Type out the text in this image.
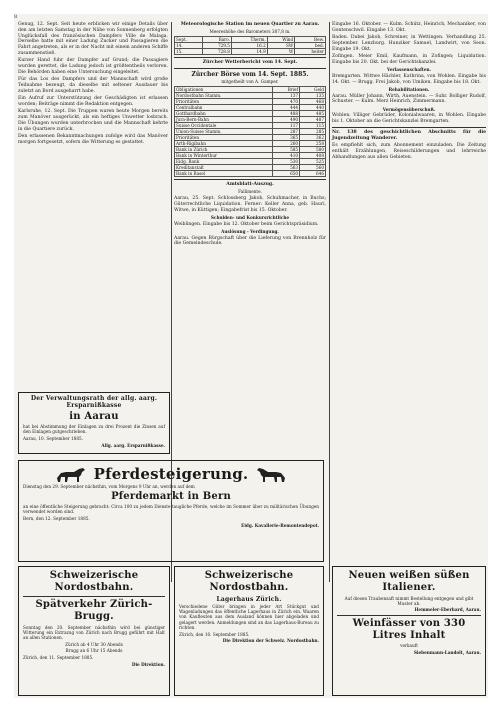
8

Genug, 12. Sept. Seit heute erblicken wir einige Details über den am letzten Samstag in der Nähe von Sonnenberg erfolgten Unglücksfall des französischen Dampfers Ville de Malaga. Derselbe hatte mit einer Ladung Zucker und Passagieren die Fahrt angetreten, als er in der Nacht mit einem anderen Schiffe zusammenstieß.

Kurzer Hand fuhr der Dampfer auf Grund; die Passagiere wurden gerettet, die Ladung jedoch ist größtentheils verloren. Die Behörden haben eine Untersuchung eingeleitet.

Für das Los des Dampfers und der Mannschaft wird große Teilnahme bezeugt, da dieselbe mit seltener Ausdauer bis zuletzt an Bord ausgeharrt habe.

Ein Aufruf zur Unterstützung der Geschädigten ist erlassen worden; Beiträge nimmt die Redaktion entgegen.

Karlsruhe, 12. Sept. Die Truppen waren heute Morgen bereits zum Manöver ausgerückt, als ein heftiges Unwetter losbrach. Die Übungen wurden unterbrochen und die Mannschaft kehrte in die Quartiere zurück.

Den erlassenen Bekanntmachungen zufolge wird das Manöver morgen fortgesetzt, sofern die Witterung es gestattet.

Meteorologische Station im neuen Quartier zu Aarau.

Meereshöhe des Barometers 387,8 m.

Sept.	Baro.	Therm.	Wind	Bew.
14.	729.5	16.2	SW	bed.
15.	728.8	14.9	W	heiter

Zürcher Wetterbericht vom 14. Sept.

Zürcher Börse vom 14. Sept. 1885.

mitgetheilt von A. Gamper.

Obligationen	Brief	Geld
Nordostbahn Stamm.	137	135
Prioritäten	470	468
Centralbahn	444	440
Gotthardbahn	488	485
Jura-Bern-Bahn	490	487
Suisse Occidentale	117	115
Union-Suisse Stamm.	287	285
Prioritäten	365	362
Arth-Rigibahn	260	258
Bank in Zürich	585	580
Bank in Winterthur	410	408
Eidg. Bank	530	525
Kreditanstalt	563	560
Bank in Basel	650	646

Amtsblatt-Auszug.

Fallimente.

Aarau, 25. Sept. Schlossberg Jakob, Schuhmacher, in Buchs; Güterrechtliche Liquidation. Ferner: Keller Anna, geb. Hauri, Witwe, in Küttigen; Eingabefrist bis 15. Oktober.

Schulden- und Konkursrichtliche

Weiblingen. Eingabe bis 12. Oktober beim Gerichtspräsidium.

Auslösung - Verdingung.

Aarau. Gegen Bürgschaft über die Lieferung von Brennholz für die Gemeindeschule.

Eingabe 16. Oktober. — Kulm. Schütz, Heinrich, Mechaniker, von Gontenschwil. Eingabe 13. Okt.

Baden. Dabei Jakob, Schreiner, in Wettingen. Verhandlung 25. September. Lenzburg. Hunziker Samuel, Landwirt, von Seon. Eingabe 19. Okt.

Zofingen. Meier Emil, Kaufmann, in Zofingen; Liquidation. Eingabe bis 20. Okt. bei der Gerichtskanzlei.

Verlassenschaften.

Bremgarten. Wittwe Hächler, Kathrina, von Wohlen. Eingabe bis 14. Okt. — Brugg. Frei Jakob, von Umiken. Eingabe bis 18. Okt.

Rehabilitationen.

Aarau. Müller Johann, Wirth, Auenstein. — Suhr. Bolliger Rudolf, Schuster. — Kulm. Merz Heinrich, Zimmermann.

Vermögensüberschuß.

Wohlen. Villiger Gebrüder, Kolonialwaaren, in Wohlen. Eingabe bis 1. Oktober an die Gerichtskanzlei Bremgarten.

Nr. 138 des geschichtlichen Abschnitts für die Jugendzeitung Wanderer.

Es empfiehlt sich, zum Abonnement einzuladen. Die Zeitung enthält Erzählungen, Reiseschilderungen und lehrreiche Abhandlungen aus allen Gebieten.

Der Verwaltungsrath der allg. aarg. Ersparnißkasse

in Aarau

hat bei Abstimmung der Einlagen zu drei Prozent die Zinsen auf den Einlagen gutgeschrieben.

Aarau, 10. September 1885.

Allg. aarg. Ersparnißkasse.

Pferdesteigerung.

Dienstag den 29. September nächsthin, vom Morgens 9 Uhr an, werden auf dem

Pferdemarkt in Bern

an eine öffentliche Steigerung gebracht: Circa 100 zu jedem Dienste taugliche Pferde, welche im Sommer über zu militärischen Übungen verwendet worden sind.

Bern, den 12. September 1885.

Eidg. Kavallerie-Remontendepot.

Schweizerische Nordostbahn.

Spätverkehr Zürich-Brugg.

Sonntag den 20. September nächsthin wird bei günstiger Witterung ein Extrazug von Zürich nach Brugg geführt mit Halt an allen Stationen.

Zürich ab 4 Uhr 30 Abends

Brugg an 6 Uhr 15 Abends

Zürich, den 11. September 1885.

Die Direktion.

Schweizerische Nordostbahn.

Lagerhaus Zürich.

Verschiedene Güter bringen in jeder Art Stückgut und Wagenladungen das öffentliche Lagerhaus in Zürich ein. Waaren von Kaufleuten aus dem Ausland können hier abgeladen und gelagert werden. Anmeldungen sind an das Lagerhaus-Bureau zu richten.

Zürich, den 10. September 1885.

Die Direktion der Schweiz. Nordostbahn.

Neuen weißen süßen Italiener.

Auf diesen Traubensaft nimmt Bestellung entgegen und gibt Muster ab.

Hemmeler-Eberhard, Aarau.

Weinfässer von 330 Litres Inhalt

verkauft

Siebenmann-Landolt, Aarau.
